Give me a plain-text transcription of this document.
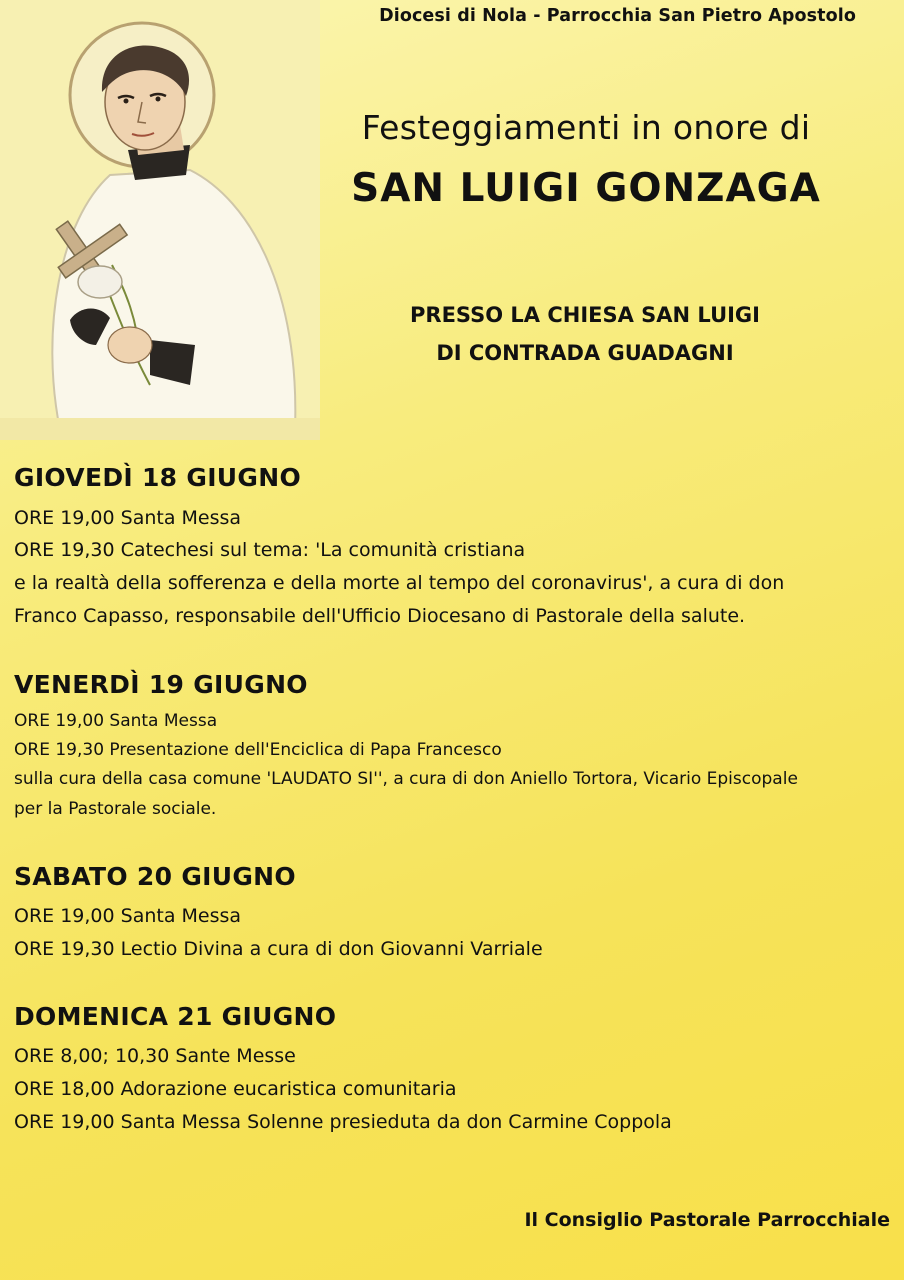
Diocesi di Nola - Parrocchia San Pietro Apostolo
Festeggiamenti in onore di
SAN LUIGI GONZAGA
PRESSO LA CHIESA SAN LUIGI
DI CONTRADA GUADAGNI
GIOVEDÌ 18 GIUGNO
ORE 19,00 Santa Messa
ORE 19,30 Catechesi sul tema: 'La comunità cristiana
e la realtà della sofferenza e della morte al tempo del coronavirus', a cura di don
Franco Capasso, responsabile dell'Ufficio Diocesano di Pastorale della salute.
VENERDÌ 19 GIUGNO
ORE 19,00 Santa Messa
ORE 19,30 Presentazione dell'Enciclica di Papa Francesco
sulla cura della casa comune 'LAUDATO SI'', a cura di don Aniello Tortora, Vicario Episcopale
per la Pastorale sociale.
SABATO 20 GIUGNO
ORE 19,00 Santa Messa
ORE 19,30 Lectio Divina a cura di don Giovanni Varriale
DOMENICA 21 GIUGNO
ORE 8,00; 10,30 Sante Messe
ORE 18,00 Adorazione eucaristica comunitaria
ORE 19,00 Santa Messa Solenne presieduta da don Carmine Coppola
Il Consiglio Pastorale Parrocchiale
